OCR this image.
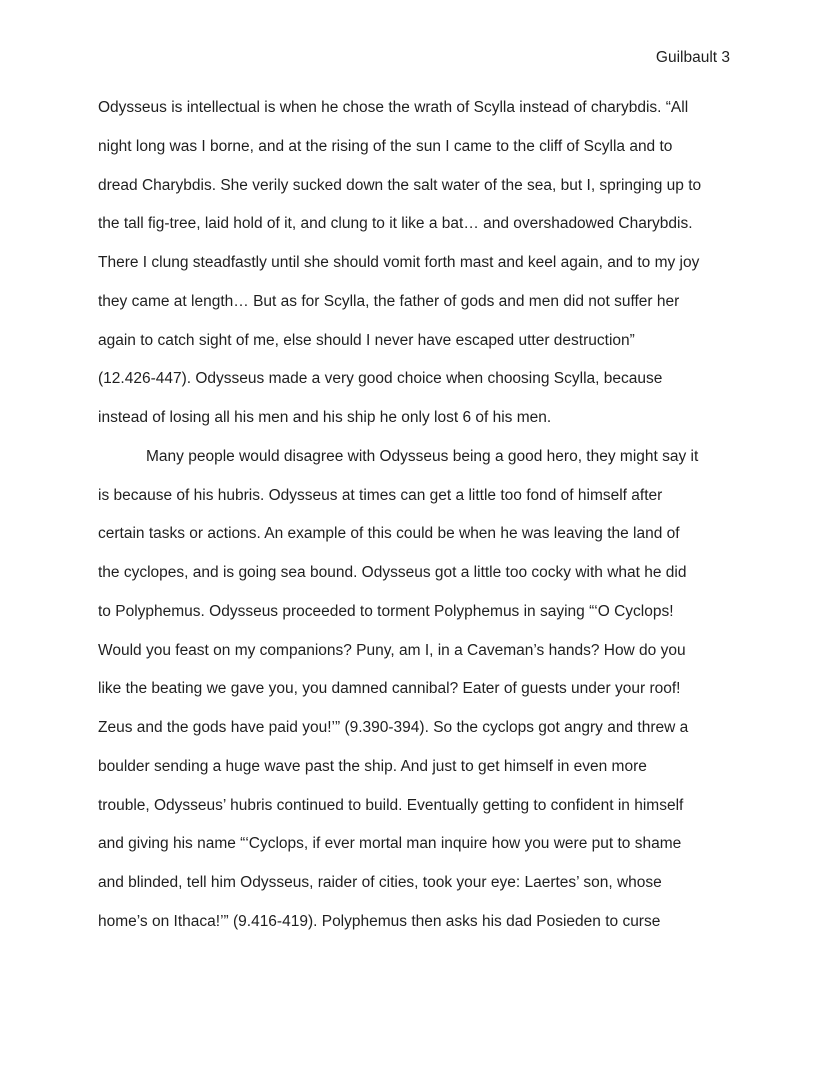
Guilbault 3
Odysseus is intellectual is when he chose the wrath of Scylla instead of charybdis. “All
night long was I borne, and at the rising of the sun I came to the cliff of Scylla and to
dread Charybdis. She verily sucked down the salt water of the sea, but I, springing up to
the tall fig-tree, laid hold of it, and clung to it like a bat… and overshadowed Charybdis.
There I clung steadfastly until she should vomit forth mast and keel again, and to my joy
they came at length… But as for Scylla, the father of gods and men did not suffer her
again to catch sight of me, else should I never have escaped utter destruction”
(12.426-447). Odysseus made a very good choice when choosing Scylla, because
instead of losing all his men and his ship he only lost 6 of his men.
Many people would disagree with Odysseus being a good hero, they might say it
is because of his hubris. Odysseus at times can get a little too fond of himself after
certain tasks or actions. An example of this could be when he was leaving the land of
the cyclopes, and is going sea bound. Odysseus got a little too cocky with what he did
to Polyphemus. Odysseus proceeded to torment Polyphemus in saying “‘O Cyclops!
Would you feast on my companions? Puny, am I, in a Caveman’s hands? How do you
like the beating we gave you, you damned cannibal? Eater of guests under your roof!
Zeus and the gods have paid you!’” (9.390-394). So the cyclops got angry and threw a
boulder sending a huge wave past the ship. And just to get himself in even more
trouble, Odysseus’ hubris continued to build. Eventually getting to confident in himself
and giving his name “‘Cyclops, if ever mortal man inquire how you were put to shame
and blinded, tell him Odysseus, raider of cities, took your eye: Laertes’ son, whose
home’s on Ithaca!’” (9.416-419). Polyphemus then asks his dad Posieden to curse
